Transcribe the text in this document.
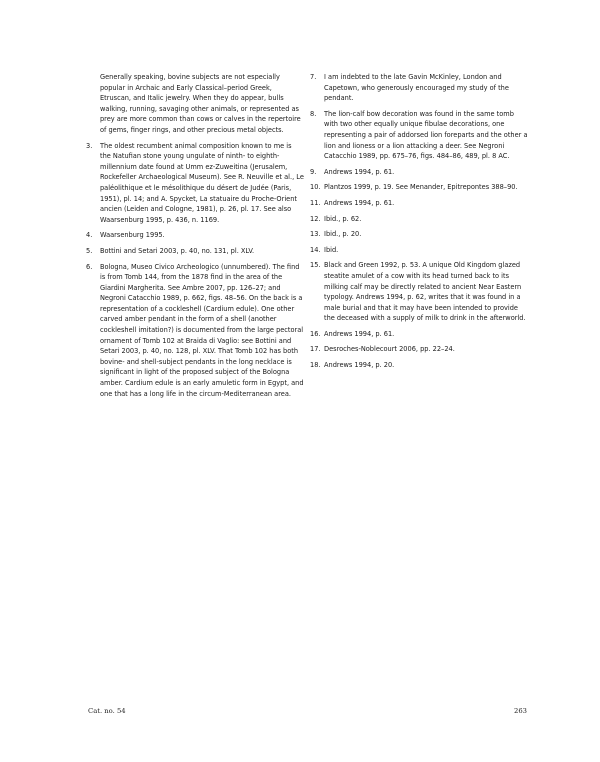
Generally speaking, bovine subjects are not especially popular in Archaic and Early Classical–period Greek, Etruscan, and Italic jewelry. When they do appear, bulls walking, running, savaging other animals, or represented as prey are more common than cows or calves in the repertoire of gems, finger rings, and other precious metal objects.
3. The oldest recumbent animal composition known to me is the Natufian stone young ungulate of ninth- to eighth-millennium date found at Umm ez-Zuweitina (Jerusalem, Rockefeller Archaeological Museum). See R. Neuville et al., Le paléolithique et le mésolithique du désert de Judée (Paris, 1951), pl. 14; and A. Spycket, La statuaire du Proche-Orient ancien (Leiden and Cologne, 1981), p. 26, pl. 17. See also Waarsenburg 1995, p. 436, n. 1169.
4. Waarsenburg 1995.
5. Bottini and Setari 2003, p. 40, no. 131, pl. XLV.
6. Bologna, Museo Civico Archeologico (unnumbered). The find is from Tomb 144, from the 1878 find in the area of the Giardini Margherita. See Ambre 2007, pp. 126–27; and Negroni Catacchio 1989, p. 662, figs. 48–56. On the back is a representation of a cockleshell (Cardium edule). One other carved amber pendant in the form of a shell (another cockleshell imitation?) is documented from the large pectoral ornament of Tomb 102 at Braida di Vaglio: see Bottini and Setari 2003, p. 40, no. 128, pl. XLV. That Tomb 102 has both bovine- and shell-subject pendants in the long necklace is significant in light of the proposed subject of the Bologna amber. Cardium edule is an early amuletic form in Egypt, and one that has a long life in the circum-Mediterranean area.
7. I am indebted to the late Gavin McKinley, London and Capetown, who generously encouraged my study of the pendant.
8. The lion-calf bow decoration was found in the same tomb with two other equally unique fibulae decorations, one representing a pair of addorsed lion foreparts and the other a lion and lioness or a lion attacking a deer. See Negroni Catacchio 1989, pp. 675–76, figs. 484–86, 489, pl. 8 AC.
9. Andrews 1994, p. 61.
10. Plantzos 1999, p. 19. See Menander, Epitrepontes 388–90.
11. Andrews 1994, p. 61.
12. Ibid., p. 62.
13. Ibid., p. 20.
14. Ibid.
15. Black and Green 1992, p. 53. A unique Old Kingdom glazed steatite amulet of a cow with its head turned back to its milking calf may be directly related to ancient Near Eastern typology. Andrews 1994, p. 62, writes that it was found in a male burial and that it may have been intended to provide the deceased with a supply of milk to drink in the afterworld.
16. Andrews 1994, p. 61.
17. Desroches-Noblecourt 2006, pp. 22–24.
18. Andrews 1994, p. 20.
Cat. no. 54	263
